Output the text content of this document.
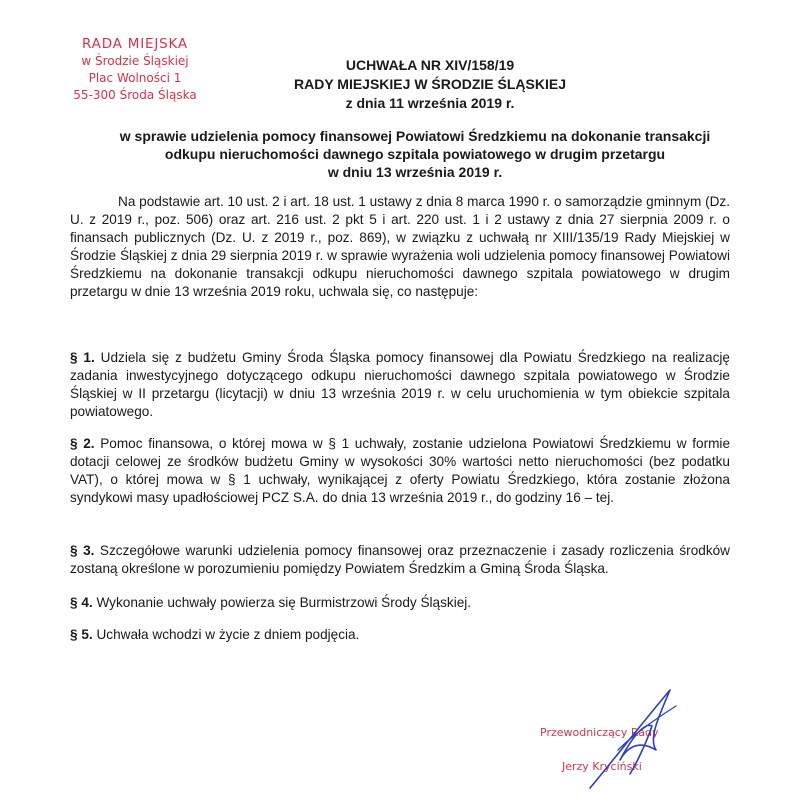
RADA MIEJSKA
w Środzie Śląskiej
Plac Wolności 1
55-300 Środa Śląska
UCHWAŁA NR XIV/158/19
RADY MIEJSKIEJ W ŚRODZIE ŚLĄSKIEJ
z dnia 11 września 2019 r.
w sprawie udzielenia pomocy finansowej Powiatowi Średzkiemu na dokonanie transakcji
odkupu nieruchomości dawnego szpitala powiatowego w drugim przetargu
w dniu 13 września 2019 r.

Na podstawie art. 10 ust. 2 i art. 18 ust. 1 ustawy z dnia 8 marca 1990 r. o samorządzie gminnym (Dz. U. z 2019 r., poz. 506) oraz art. 216 ust. 2 pkt 5 i art. 220 ust. 1 i 2 ustawy z dnia 27 sierpnia 2009 r. o finansach publicznych (Dz. U. z 2019 r., poz. 869), w związku z uchwałą nr XIII/135/19 Rady Miejskiej w Środzie Śląskiej z dnia 29 sierpnia 2019 r. w sprawie wyrażenia woli udzielenia pomocy finansowej Powiatowi Średzkiemu na dokonanie transakcji odkupu nieruchomości dawnego szpitala powiatowego w drugim przetargu w dnie 13 września 2019 roku, uchwala się, co następuje:

§ 1. Udziela się z budżetu Gminy Środa Śląska pomocy finansowej dla Powiatu Średzkiego na realizację zadania inwestycyjnego dotyczącego odkupu nieruchomości dawnego szpitala powiatowego w Środzie Śląskiej w II przetargu (licytacji) w dniu 13 września 2019 r. w celu uruchomienia w tym obiekcie szpitala powiatowego.

§ 2. Pomoc finansowa, o której mowa w § 1 uchwały, zostanie udzielona Powiatowi Średzkiemu w formie dotacji celowej ze środków budżetu Gminy w wysokości 30% wartości netto nieruchomości (bez podatku VAT), o której mowa w § 1 uchwały, wynikającej z oferty Powiatu Średzkiego, która zostanie złożona syndykowi masy upadłościowej PCZ S.A. do dnia 13 września 2019 r., do godziny 16 – tej.

§ 3. Szczegółowe warunki udzielenia pomocy finansowej oraz przeznaczenie i zasady rozliczenia środków zostaną określone w porozumieniu pomiędzy Powiatem Średzkim a Gminą Środa Śląska.

§ 4. Wykonanie uchwały powierza się Burmistrzowi Środy Śląskiej.

§ 5. Uchwała wchodzi w życie z dniem podjęcia.

Przewodniczący Rady
Jerzy Kryciński
